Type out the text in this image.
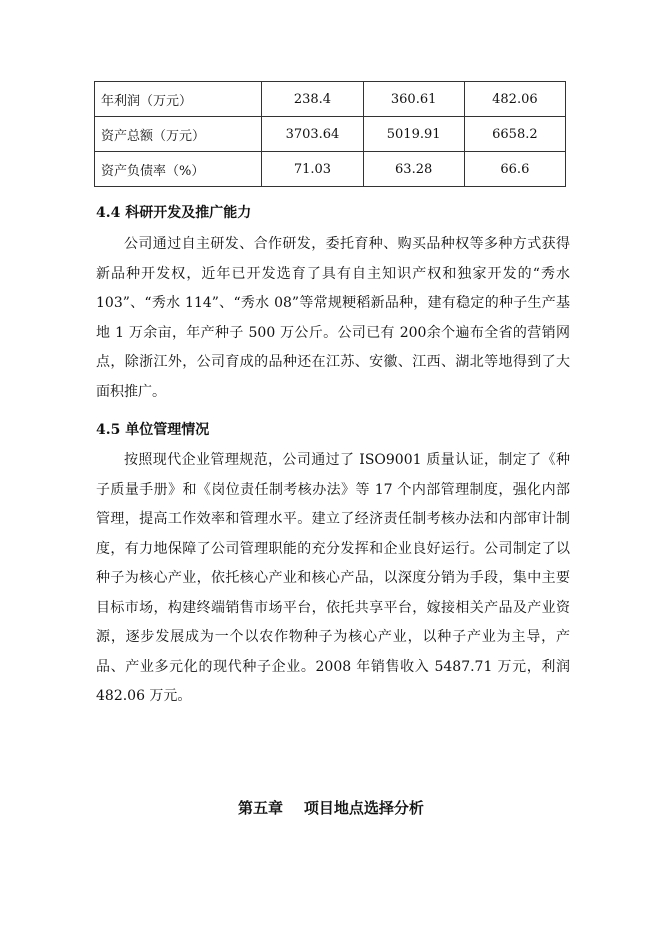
年利润（万元）	238.4	360.61	482.06
资产总额（万元）	3703.64	5019.91	6658.2
资产负债率（%）	71.03	63.28	66.6
4.4 科研开发及推广能力

公司通过自主研发、合作研发，委托育种、购买品种权等多种方式获得新品种开发权，近年已开发选育了具有自主知识产权和独家开发的“秀水 103”、“秀水 114”、“秀水 08”等常规粳稻新品种，建有稳定的种子生产基地 1 万余亩，年产种子 500 万公斤。公司已有 200余个遍布全省的营销网点，除浙江外，公司育成的品种还在江苏、安徽、江西、湖北等地得到了大面积推广。

4.5 单位管理情况

按照现代企业管理规范，公司通过了 ISO9001 质量认证，制定了《种子质量手册》和《岗位责任制考核办法》等 17 个内部管理制度，强化内部管理，提高工作效率和管理水平。建立了经济责任制考核办法和内部审计制度，有力地保障了公司管理职能的充分发挥和企业良好运行。公司制定了以种子为核心产业，依托核心产业和核心产品，以深度分销为手段，集中主要目标市场，构建终端销售市场平台，依托共享平台，嫁接相关产品及产业资源，逐步发展成为一个以农作物种子为核心产业，以种子产业为主导，产品、产业多元化的现代种子企业。2008 年销售收入 5487.71 万元，利润 482.06 万元。

第五章    项目地点选择分析
